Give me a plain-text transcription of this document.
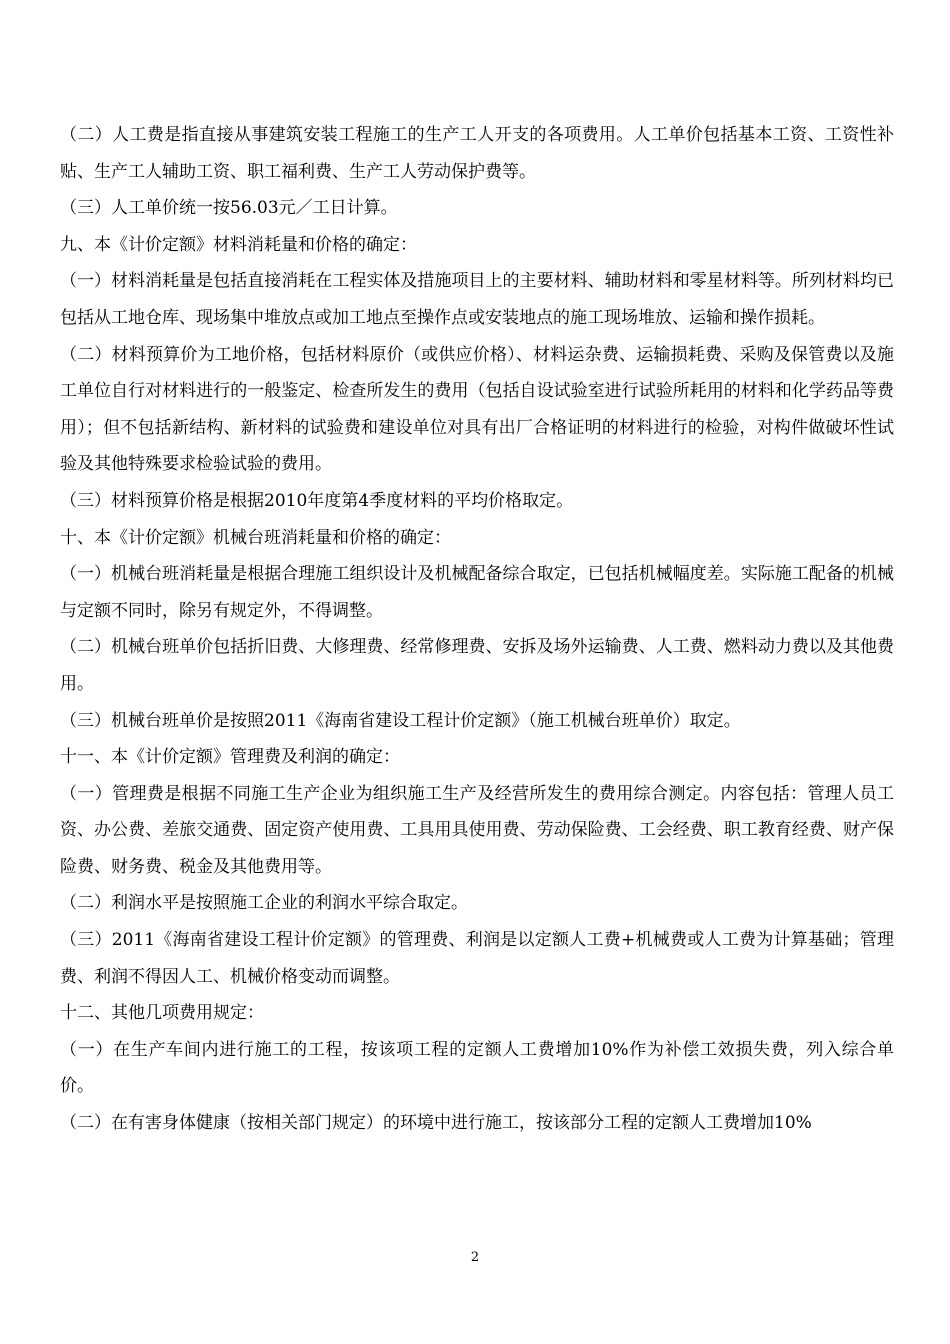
（二）人工费是指直接从事建筑安装工程施工的生产工人开支的各项费用。人工单价包括基本工资、工资性补贴、生产工人辅助工资、职工福利费、生产工人劳动保护费等。

（三）人工单价统一按56.03元／工日计算。

九、本《计价定额》材料消耗量和价格的确定：

（一）材料消耗量是包括直接消耗在工程实体及措施项目上的主要材料、辅助材料和零星材料等。所列材料均已包括从工地仓库、现场集中堆放点或加工地点至操作点或安装地点的施工现场堆放、运输和操作损耗。

（二）材料预算价为工地价格，包括材料原价（或供应价格）、材料运杂费、运输损耗费、采购及保管费以及施工单位自行对材料进行的一般鉴定、检查所发生的费用（包括自设试验室进行试验所耗用的材料和化学药品等费用）；但不包括新结构、新材料的试验费和建设单位对具有出厂合格证明的材料进行的检验，对构件做破坏性试验及其他特殊要求检验试验的费用。

（三）材料预算价格是根据2010年度第4季度材料的平均价格取定。

十、本《计价定额》机械台班消耗量和价格的确定：

（一）机械台班消耗量是根据合理施工组织设计及机械配备综合取定，已包括机械幅度差。实际施工配备的机械与定额不同时，除另有规定外，不得调整。

（二）机械台班单价包括折旧费、大修理费、经常修理费、安拆及场外运输费、人工费、燃料动力费以及其他费用。

（三）机械台班单价是按照2011《海南省建设工程计价定额》（施工机械台班单价）取定。

十一、本《计价定额》管理费及利润的确定：

（一）管理费是根据不同施工生产企业为组织施工生产及经营所发生的费用综合测定。内容包括：管理人员工资、办公费、差旅交通费、固定资产使用费、工具用具使用费、劳动保险费、工会经费、职工教育经费、财产保险费、财务费、税金及其他费用等。

（二）利润水平是按照施工企业的利润水平综合取定。

（三）2011《海南省建设工程计价定额》的管理费、利润是以定额人工费+机械费或人工费为计算基础；管理费、利润不得因人工、机械价格变动而调整。

十二、其他几项费用规定：

（一）在生产车间内进行施工的工程，按该项工程的定额人工费增加10%作为补偿工效损失费，列入综合单价。

（二）在有害身体健康（按相关部门规定）的环境中进行施工，按该部分工程的定额人工费增加10%

2
